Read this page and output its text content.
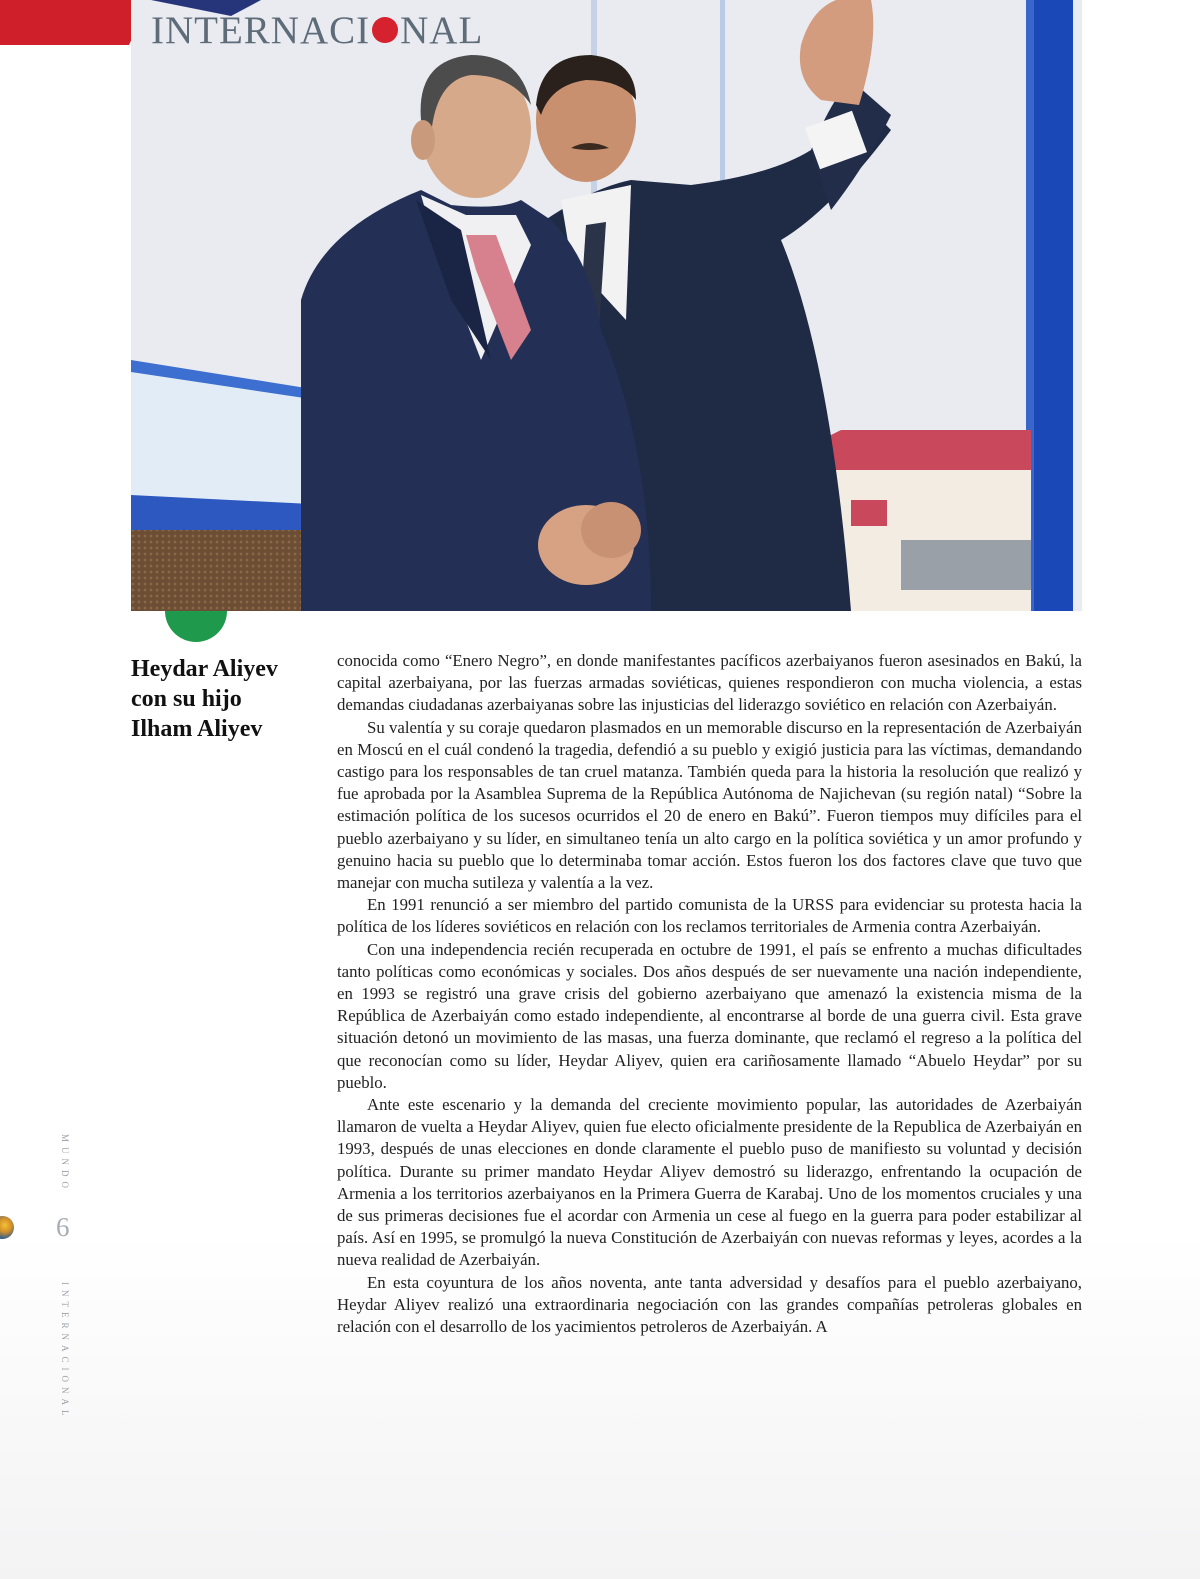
INTERNACI NAL
Heydar Aliyev
con su hijo
Ilham Aliyev

conocida como “Enero Negro”, en donde manifestantes pacíficos azerbaiyanos fueron asesinados en Bakú, la capital azerbaiyana, por las fuerzas armadas soviéticas, quienes respondieron con mucha violencia, a estas demandas ciudadanas azerbaiyanas sobre las injusticias del liderazgo soviético en relación con Azerbaiyán.

Su valentía y su coraje quedaron plasmados en un memorable discurso en la representación de Azerbaiyán en Moscú en el cuál condenó la tragedia, defendió a su pueblo y exigió justicia para las víctimas, demandando castigo para los responsables de tan cruel matanza. También queda para la historia la resolución que realizó y fue aprobada por la Asamblea Suprema de la República Autónoma de Najichevan (su región natal) “Sobre la estimación política de los sucesos ocurridos el 20 de enero en Bakú”. Fueron tiempos muy difíciles para el pueblo azerbaiyano y su líder, en simultaneo tenía un alto cargo en la política soviética y un amor profundo y genuino hacia su pueblo que lo determinaba tomar acción. Estos fueron los dos factores clave que tuvo que manejar con mucha sutileza y valentía a la vez.

En 1991 renunció a ser miembro del partido comunista de la URSS para evidenciar su protesta hacia la política de los líderes soviéticos en relación con los reclamos territoriales de Armenia contra Azerbaiyán.

Con una independencia recién recuperada en octubre de 1991, el país se enfrento a muchas dificultades tanto políticas como económicas y sociales. Dos años después de ser nuevamente una nación independiente, en 1993 se registró una grave crisis del gobierno azerbaiyano que amenazó la existencia misma de la República de Azerbaiyán como estado independiente, al encontrarse al borde de una guerra civil. Esta grave situación detonó un movimiento de las masas, una fuerza dominante, que reclamó el regreso a la política del que reconocían como su líder, Heydar Aliyev, quien era cariñosamente llamado “Abuelo Heydar” por su pueblo.

Ante este escenario y la demanda del creciente movimiento popular, las autoridades de Azerbaiyán llamaron de vuelta a Heydar Aliyev, quien fue electo oficialmente presidente de la Republica de Azerbaiyán en 1993, después de unas elecciones en donde claramente el pueblo puso de manifiesto su voluntad y decisión política. Durante su primer mandato Heydar Aliyev demostró su liderazgo, enfrentando la ocupación de Armenia a los territorios azerbaiyanos en la Primera Guerra de Karabaj. Uno de los momentos cruciales y una de sus primeras decisiones fue el acordar con Armenia un cese al fuego en la guerra para poder estabilizar al país. Así en 1995, se promulgó la nueva Constitución de Azerbaiyán con nuevas reformas y leyes, acordes a la nueva realidad de Azerbaiyán.

En esta coyuntura de los años noventa, ante tanta adversidad y desafíos para el pueblo azerbaiyano, Heydar Aliyev realizó una extraordinaria negociación con las grandes compañías petroleras globales en relación con el desarrollo de los yacimientos petroleros de Azerbaiyán. A

MUNDO
6
INTERNACIONAL
